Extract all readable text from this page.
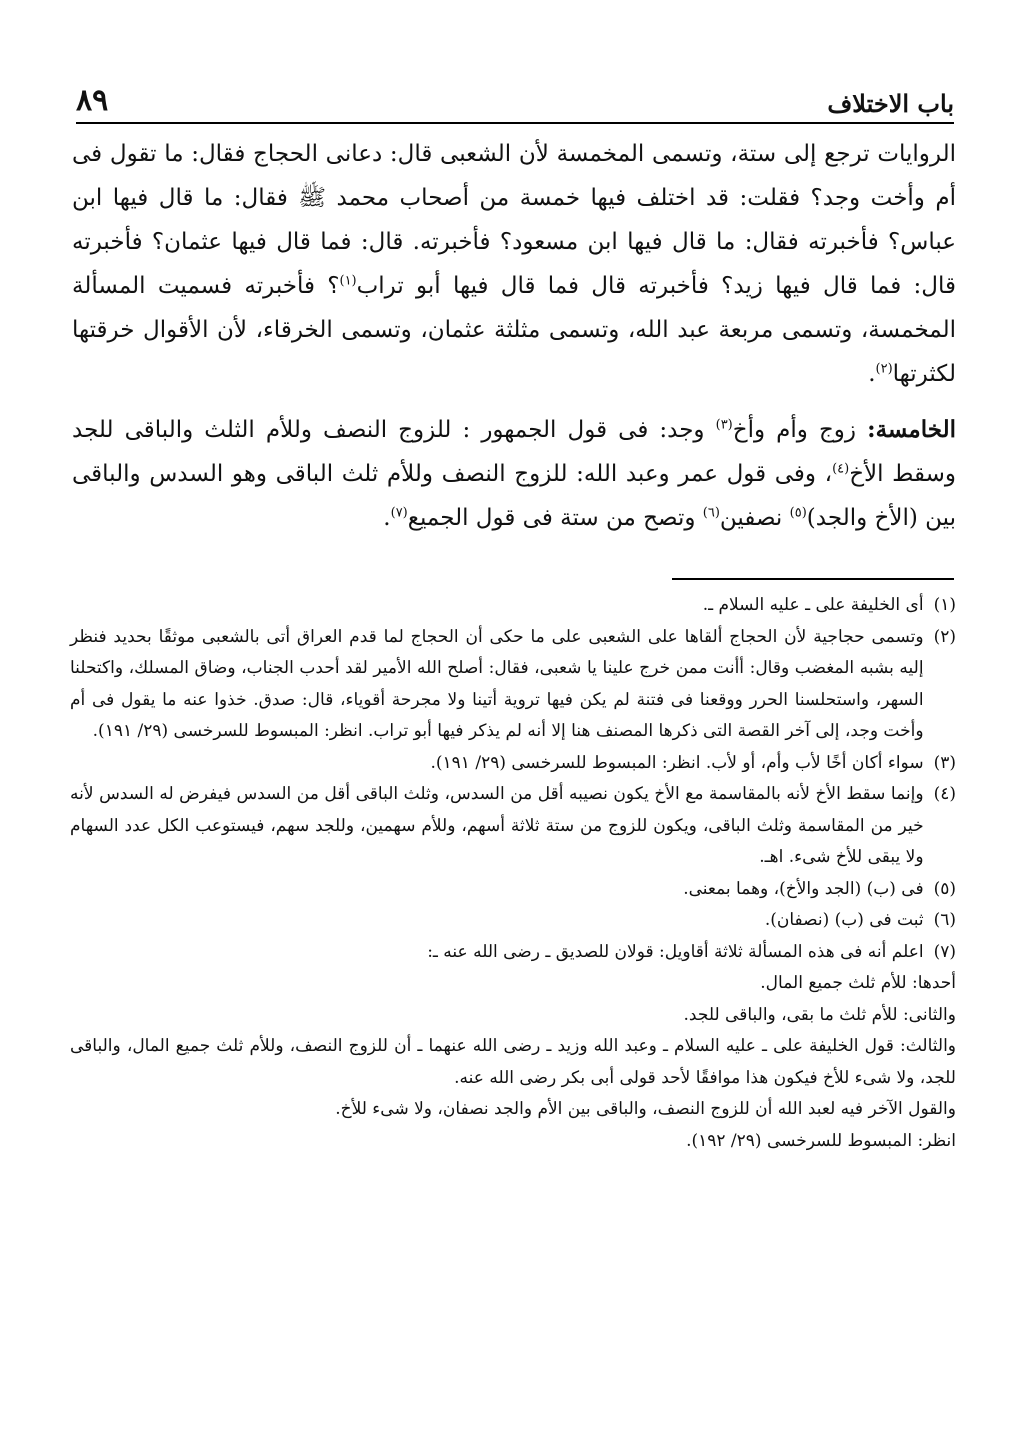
باب الاختلاف
٨٩

الروايات ترجع إلى ستة، وتسمى المخمسة لأن الشعبى قال: دعانى الحجاج فقال: ما تقول فى أم وأخت وجد؟ فقلت: قد اختلف فيها خمسة من أصحاب محمد ﷺ فقال: ما قال فيها ابن عباس؟ فأخبرته فقال: ما قال فيها ابن مسعود؟ فأخبرته. قال: فما قال فيها عثمان؟ فأخبرته قال: فما قال فيها زيد؟ فأخبرته قال فما قال فيها أبو تراب$^{(١)}$؟ فأخبرته فسميت المسألة المخمسة، وتسمى مربعة عبد الله، وتسمى مثلثة عثمان، وتسمى الخرقاء، لأن الأقوال خرقتها لكثرتها$^{(٢)}$.

الخامسة: زوج وأم وأخ$^{(٣)}$ وجد: فى قول الجمهور : للزوج النصف وللأم الثلث والباقى للجد وسقط الأخ$^{(٤)}$، وفى قول عمر وعبد الله: للزوج النصف وللأم ثلث الباقى وهو السدس والباقى بين (الأخ والجد)$^{(٥)}$ نصفين$^{(٦)}$ وتصح من ستة فى قول الجميع$^{(٧)}$.

(١)
أى الخليفة على ـ عليه السلام ـ.

(٢)
وتسمى حجاجية لأن الحجاج ألقاها على الشعبى على ما حكى أن الحجاج لما قدم العراق أتى بالشعبى موثقًا بحديد فنظر إليه بشبه المغضب وقال: أأنت ممن خرج علينا يا شعبى، فقال: أصلح الله الأمير لقد أحدب الجناب، وضاق المسلك، واكتحلنا السهر، واستحلسنا الحرر ووقعنا فى فتنة لم يكن فيها تروية أتينا ولا مجرحة أقوياء، قال: صدق. خذوا عنه ما يقول فى أم وأخت وجد، إلى آخر القصة التى ذكرها المصنف هنا إلا أنه لم يذكر فيها أبو تراب. انظر: المبسوط للسرخسى (٢٩/ ١٩١).

(٣)
سواء أكان أخًا لأب وأم، أو لأب. انظر: المبسوط للسرخسى (٢٩/ ١٩١).

(٤)
وإنما سقط الأخ لأنه بالمقاسمة مع الأخ يكون نصيبه أقل من السدس، وثلث الباقى أقل من السدس فيفرض له السدس لأنه خير من المقاسمة وثلث الباقى، ويكون للزوج من ستة ثلاثة أسهم، وللأم سهمين، وللجد سهم، فيستوعب الكل عدد السهام ولا يبقى للأخ شىء. اهـ.

(٥)
فى (ب) (الجد والأخ)، وهما بمعنى.

(٦)
ثبت فى (ب) (نصفان).

(٧)
اعلم أنه فى هذه المسألة ثلاثة أقاويل: قولان للصديق ـ رضى الله عنه ـ:

أحدها: للأم ثلث جميع المال.

والثانى: للأم ثلث ما بقى، والباقى للجد.

والثالث: قول الخليفة على ـ عليه السلام ـ وعبد الله وزيد ـ رضى الله عنهما ـ أن للزوج النصف، وللأم ثلث جميع المال، والباقى للجد، ولا شىء للأخ فيكون هذا موافقًا لأحد قولى أبى بكر رضى الله عنه.

والقول الآخر فيه لعبد الله أن للزوج النصف، والباقى بين الأم والجد نصفان، ولا شىء للأخ.

انظر: المبسوط للسرخسى (٢٩/ ١٩٢).
